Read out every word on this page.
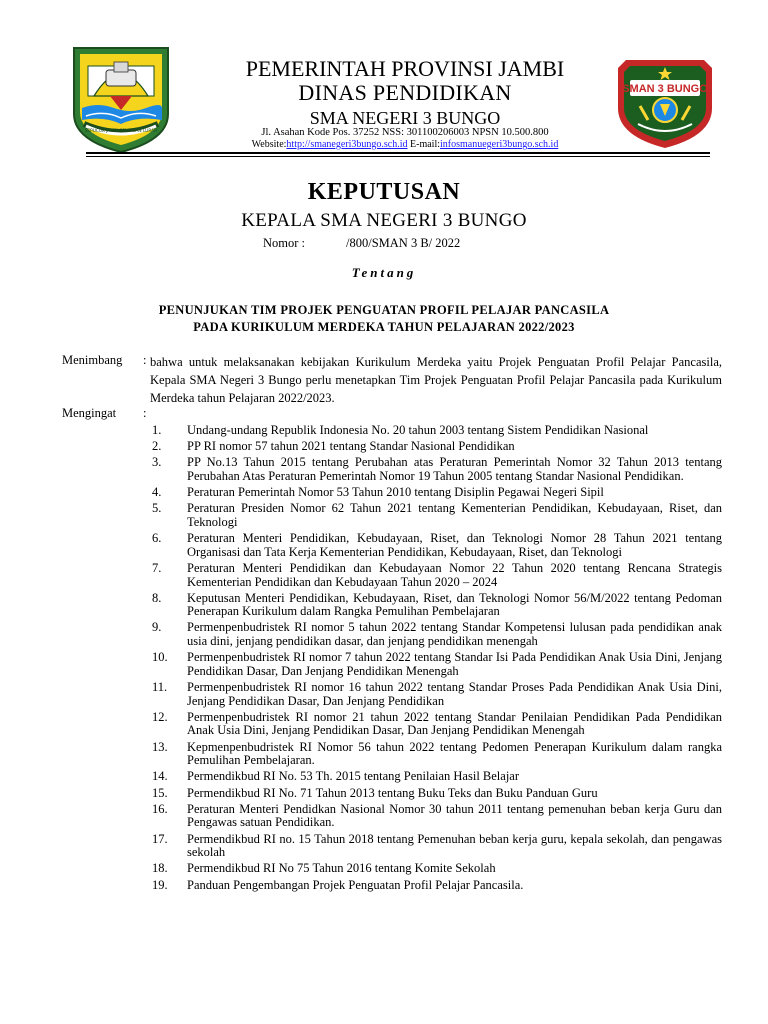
SEPUCUK JAMBI SEMBILAN LURAH
PEMERINTAH PROVINSI JAMBI
DINAS PENDIDIKAN
SMA NEGERI 3 BUNGO
Jl. Asahan Kode Pos. 37252 NSS: 301100206003 NPSN 10.500.800
Website:http://smanegeri3bungo.sch.id E-mail:infosmanuegeri3bungo.sch.id
SMAN 3 BUNGO
KEPUTUSAN
KEPALA SMA NEGERI 3 BUNGO
Nomor :	/800/SMAN 3 B/ 2022
Tentang
PENUNJUKAN TIM PROJEK PENGUATAN PROFIL PELAJAR PANCASILA
PADA KURIKULUM MERDEKA TAHUN PELAJARAN 2022/2023
Menimbang : bahwa untuk melaksanakan kebijakan Kurikulum Merdeka yaitu Projek Penguatan Profil Pelajar Pancasila, Kepala SMA Negeri 3 Bungo perlu menetapkan Tim Projek Penguatan Profil Pelajar Pancasila pada Kurikulum Merdeka tahun Pelajaran 2022/2023.
Mengingat :
1.	Undang-undang Republik Indonesia No. 20 tahun 2003 tentang Sistem Pendidikan Nasional
2.	PP RI nomor 57 tahun 2021 tentang Standar Nasional Pendidikan
3.	PP No.13 Tahun 2015 tentang Perubahan atas Peraturan Pemerintah Nomor 32 Tahun 2013 tentang Perubahan Atas Peraturan Pemerintah Nomor 19 Tahun 2005 tentang Standar Nasional Pendidikan.
4.	Peraturan Pemerintah Nomor 53 Tahun 2010 tentang Disiplin Pegawai Negeri Sipil
5.	Peraturan Presiden Nomor 62 Tahun 2021 tentang Kementerian Pendidikan, Kebudayaan, Riset, dan Teknologi
6.	Peraturan Menteri Pendidikan, Kebudayaan, Riset, dan Teknologi Nomor 28 Tahun 2021 tentang Organisasi dan Tata Kerja Kementerian Pendidikan, Kebudayaan, Riset, dan Teknologi
7.	Peraturan Menteri Pendidikan dan Kebudayaan Nomor 22 Tahun 2020 tentang Rencana Strategis Kementerian Pendidikan dan Kebudayaan Tahun 2020 – 2024
8.	Keputusan Menteri Pendidikan, Kebudayaan, Riset, dan Teknologi Nomor 56/M/2022 tentang Pedoman Penerapan Kurikulum dalam Rangka Pemulihan Pembelajaran
9.	Permenpenbudristek RI nomor 5 tahun 2022 tentang Standar Kompetensi lulusan pada pendidikan anak usia dini, jenjang pendidikan dasar, dan jenjang pendidikan menengah
10.	Permenpenbudristek RI nomor 7 tahun 2022 tentang Standar Isi Pada Pendidikan Anak Usia Dini, Jenjang Pendidikan Dasar, Dan Jenjang Pendidikan Menengah
11.	Permenpenbudristek RI nomor 16 tahun 2022 tentang Standar Proses Pada Pendidikan Anak Usia Dini, Jenjang Pendidikan Dasar, Dan Jenjang Pendidikan
12.	Permenpenbudristek RI nomor 21 tahun 2022 tentang Standar Penilaian Pendidikan Pada Pendidikan Anak Usia Dini, Jenjang Pendidikan Dasar, Dan Jenjang Pendidikan Menengah
13.	Kepmenpenbudristek RI Nomor 56 tahun 2022 tentang Pedomen Penerapan Kurikulum dalam rangka Pemulihan Pembelajaran.
14.	Permendikbud RI No. 53 Th. 2015 tentang Penilaian Hasil Belajar
15.	Permendikbud RI No. 71 Tahun 2013 tentang Buku Teks dan Buku Panduan Guru
16.	Peraturan Menteri Pendidkan Nasional Nomor 30 tahun 2011 tentang pemenuhan beban kerja Guru dan Pengawas satuan Pendidikan.
17.	Permendikbud RI no. 15 Tahun 2018 tentang Pemenuhan beban kerja guru, kepala sekolah, dan pengawas sekolah
18.	Permendikbud RI No 75 Tahun 2016 tentang Komite Sekolah
19.	Panduan Pengembangan Projek Penguatan Profil Pelajar Pancasila.
